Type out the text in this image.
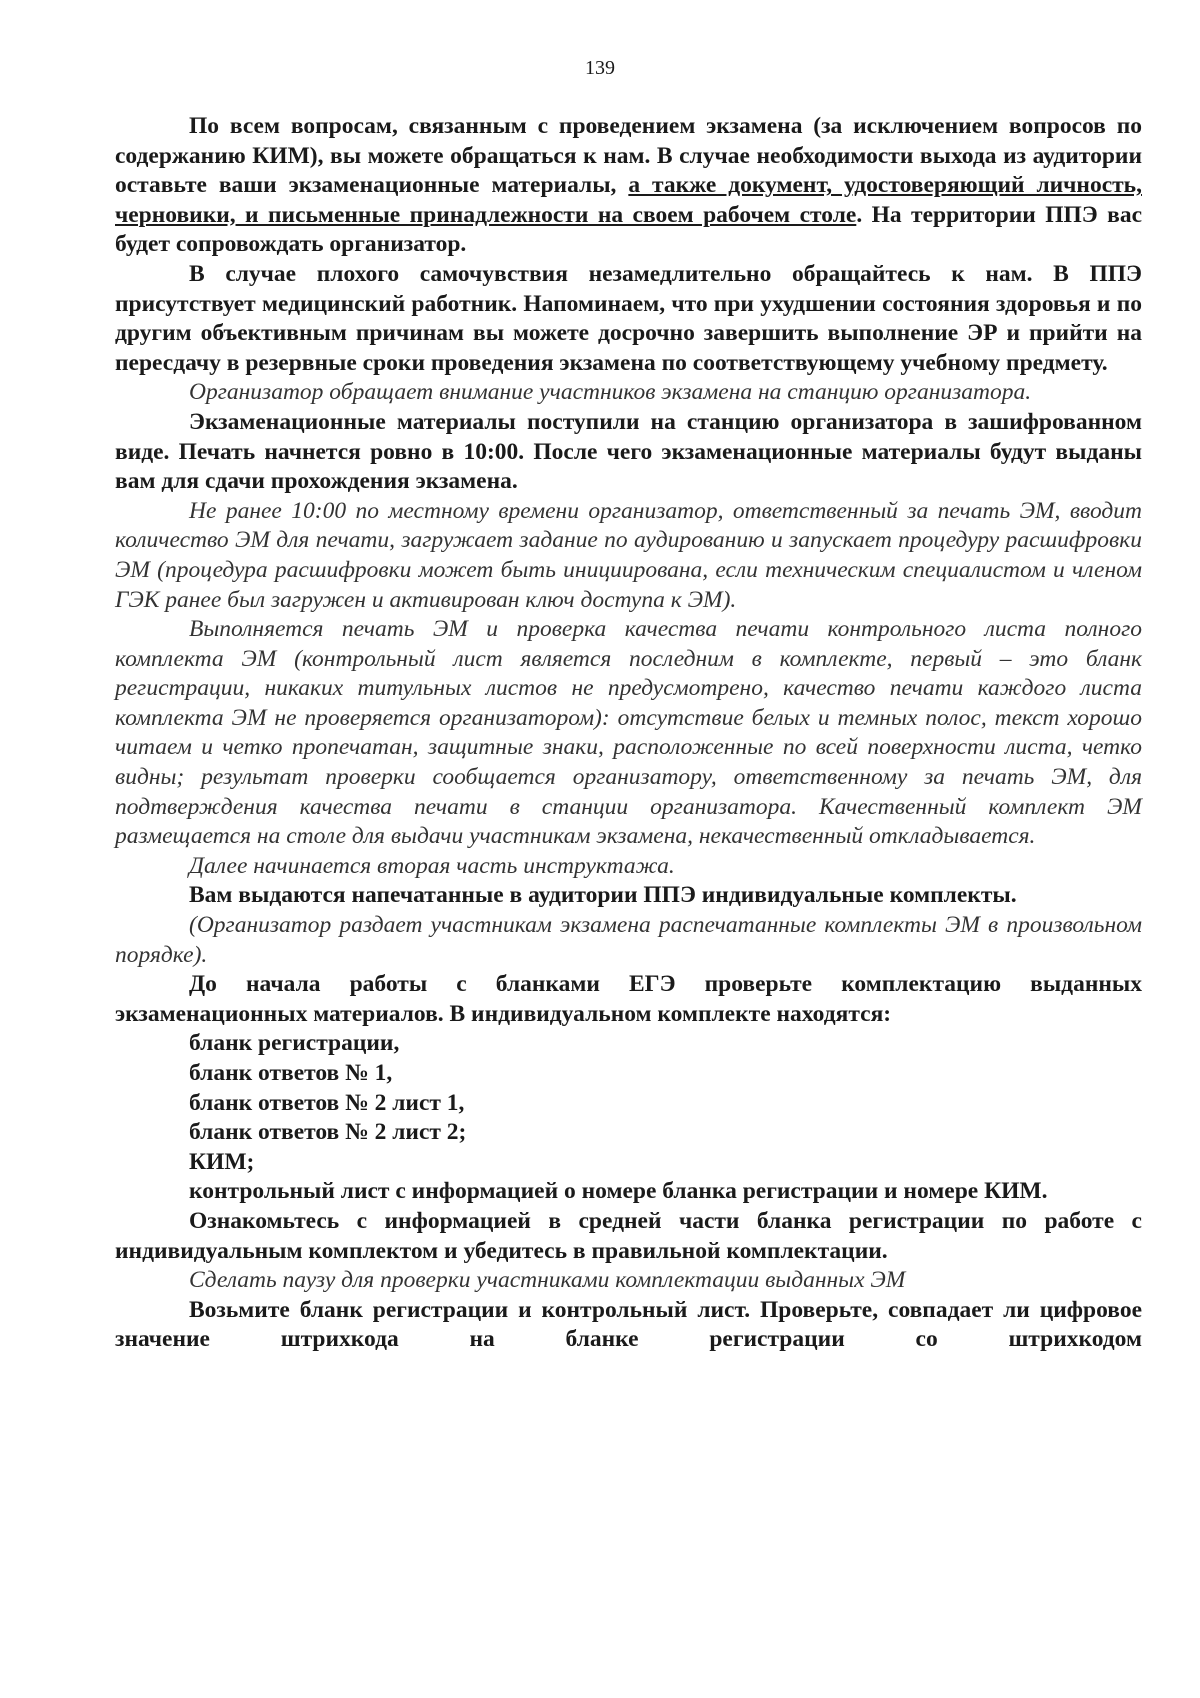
139

По всем вопросам, связанным с проведением экзамена (за исключением вопросов по содержанию КИМ), вы можете обращаться к нам. В случае необходимости выхода из аудитории оставьте ваши экзаменационные материалы, а также документ, удостоверяющий личность, черновики, и письменные принадлежности на своем рабочем столе. На территории ППЭ вас будет сопровождать организатор.

В случае плохого самочувствия незамедлительно обращайтесь к нам. В ППЭ присутствует медицинский работник. Напоминаем, что при ухудшении состояния здоровья и по другим объективным причинам вы можете досрочно завершить выполнение ЭР и прийти на пересдачу в резервные сроки проведения экзамена по соответствующему учебному предмету.

Организатор обращает внимание участников экзамена на станцию организатора.

Экзаменационные материалы поступили на станцию организатора в зашифрованном виде. Печать начнется ровно в 10:00. После чего экзаменационные материалы будут выданы вам для сдачи прохождения экзамена.

Не ранее 10:00 по местному времени организатор, ответственный за печать ЭМ, вводит количество ЭМ для печати, загружает задание по аудированию и запускает процедуру расшифровки ЭМ (процедура расшифровки может быть инициирована, если техническим специалистом и членом ГЭК ранее был загружен и активирован ключ доступа к ЭМ).

Выполняется печать ЭМ и проверка качества печати контрольного листа полного комплекта ЭМ (контрольный лист является последним в комплекте, первый – это бланк регистрации, никаких титульных листов не предусмотрено, качество печати каждого листа комплекта ЭМ не проверяется организатором): отсутствие белых и темных полос, текст хорошо читаем и четко пропечатан, защитные знаки, расположенные по всей поверхности листа, четко видны; результат проверки сообщается организатору, ответственному за печать ЭМ, для подтверждения качества печати в станции организатора. Качественный комплект ЭМ размещается на столе для выдачи участникам экзамена, некачественный откладывается.

Далее начинается вторая часть инструктажа.

Вам выдаются напечатанные в аудитории ППЭ индивидуальные комплекты.

(Организатор раздает участникам экзамена распечатанные комплекты ЭМ в произвольном порядке).

До начала работы с бланками ЕГЭ проверьте комплектацию выданных экзаменационных материалов. В индивидуальном комплекте находятся:

бланк регистрации,

бланк ответов № 1,

бланк ответов № 2 лист 1,

бланк ответов № 2 лист 2;

КИМ;

контрольный лист с информацией о номере бланка регистрации и номере КИМ.

Ознакомьтесь с информацией в средней части бланка регистрации по работе с индивидуальным комплектом и убедитесь в правильной комплектации.

Сделать паузу для проверки участниками комплектации выданных ЭМ

Возьмите бланк регистрации и контрольный лист. Проверьте, совпадает ли цифровое значение штрихкода на бланке регистрации со штрихкодом
